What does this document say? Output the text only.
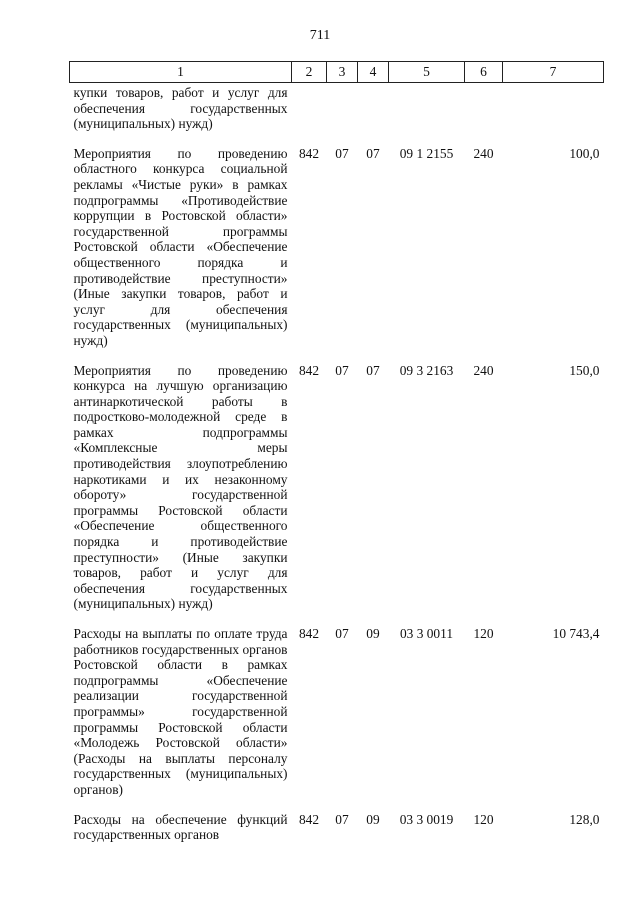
711
1	2	3	4	5	6	7
купки товаров, работ и услуг для обеспечения государственных (муниципальных) нужд)						
Мероприятия по проведению областного конкурса социальной рекламы «Чистые руки» в рамках подпрограммы «Противодействие коррупции в Ростовской области» государственной программы Ростовской области «Обеспечение общественного порядка и противодействие преступности» (Иные закупки товаров, работ и услуг для обеспечения государственных (муниципальных) нужд)	842	07	07	09 1 2155	240	100,0
Мероприятия по проведению конкурса на лучшую организацию антинаркотической работы в подростково-молодежной среде в рамках подпрограммы «Комплексные меры противодействия злоупотреблению наркотиками и их незаконному обороту» государственной программы Ростовской области «Обеспечение общественного порядка и противодействие преступности» (Иные закупки товаров, работ и услуг для обеспечения государственных (муниципальных) нужд)	842	07	07	09 3 2163	240	150,0
Расходы на выплаты по оплате труда работников государственных органов Ростовской области в рамках подпрограммы «Обеспечение реализации государственной программы» государственной программы Ростовской области «Молодежь Ростовской области» (Расходы на выплаты персоналу государственных (муниципальных) органов)	842	07	09	03 3 0011	120	10 743,4
Расходы на обеспечение функций государственных органов	842	07	09	03 3 0019	120	128,0
